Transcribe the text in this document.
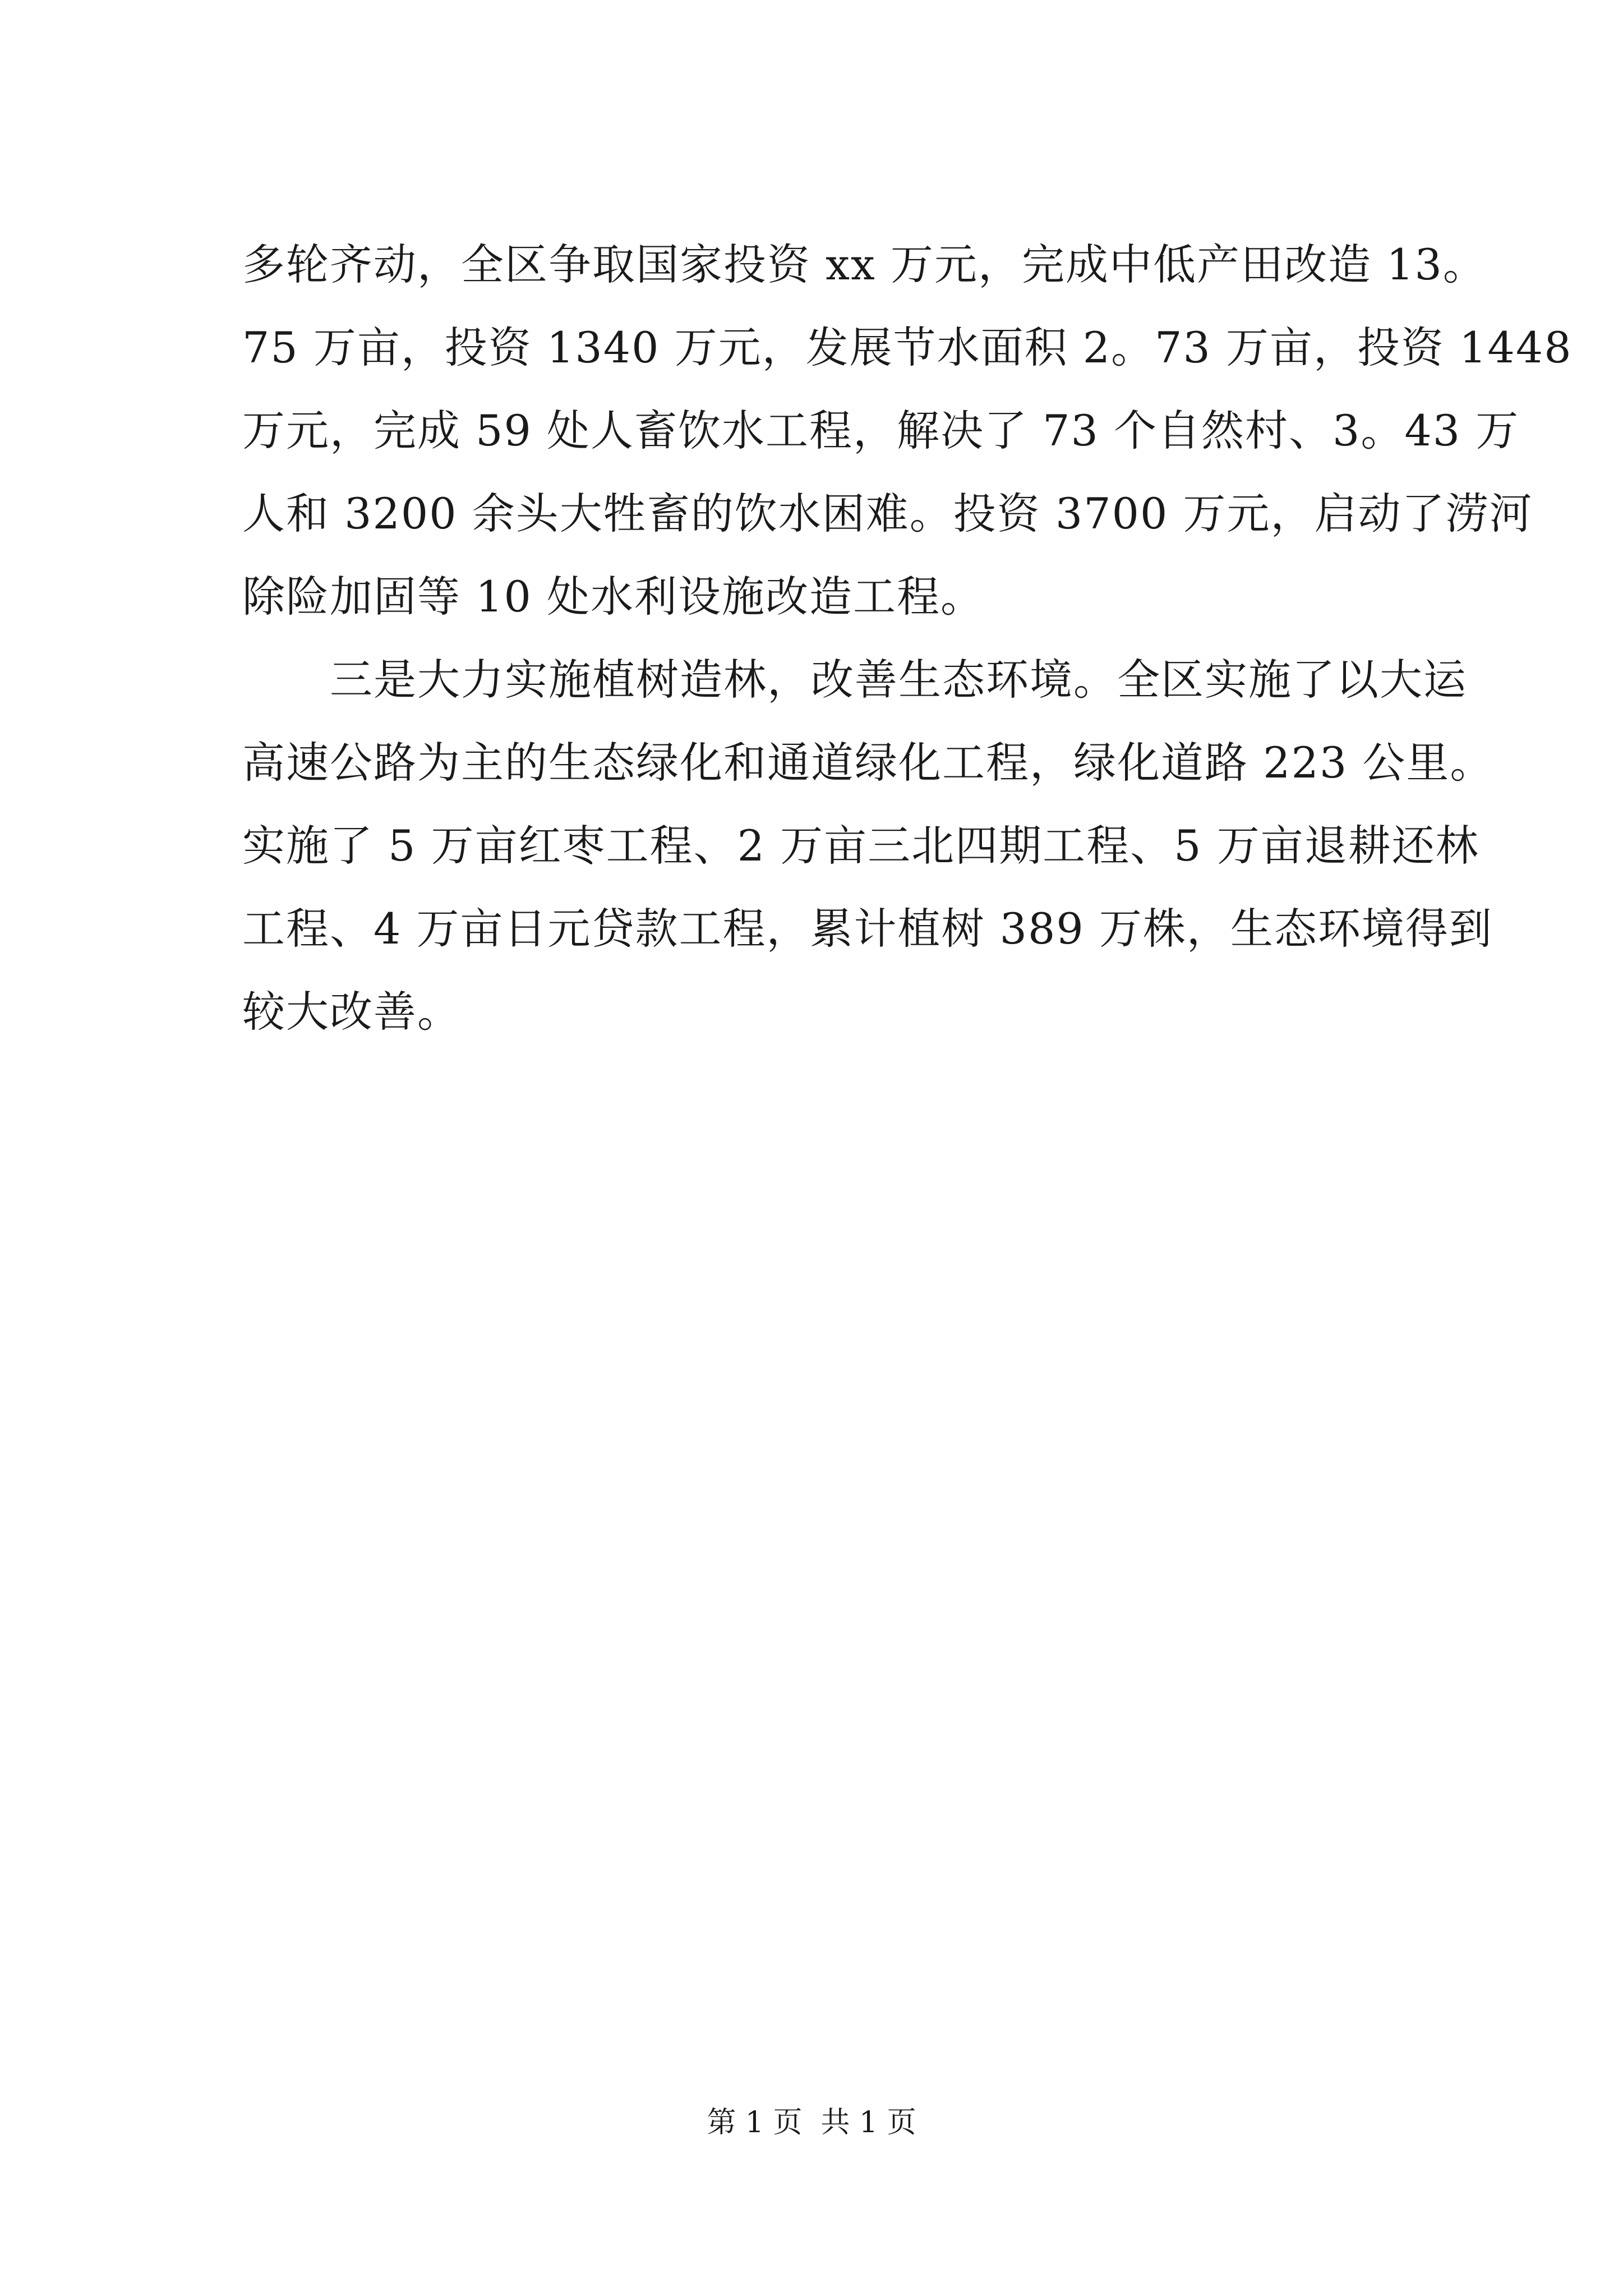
多轮齐动，全区争取国家投资 xx 万元，完成中低产田改造 13。
75 万亩，投资 1340 万元，发展节水面积 2。73 万亩，投资 1448
万元，完成 59 处人畜饮水工程，解决了 73 个自然村、3。43 万
人和 3200 余头大牲畜的饮水困难。投资 3700 万元，启动了涝河
除险加固等 10 处水利设施改造工程。
　　三是大力实施植树造林，改善生态环境。全区实施了以大运
高速公路为主的生态绿化和通道绿化工程，绿化道路 223 公里。
实施了 5 万亩红枣工程、2 万亩三北四期工程、5 万亩退耕还林
工程、4 万亩日元贷款工程，累计植树 389 万株，生态环境得到
较大改善。
第 1 页  共 1 页
